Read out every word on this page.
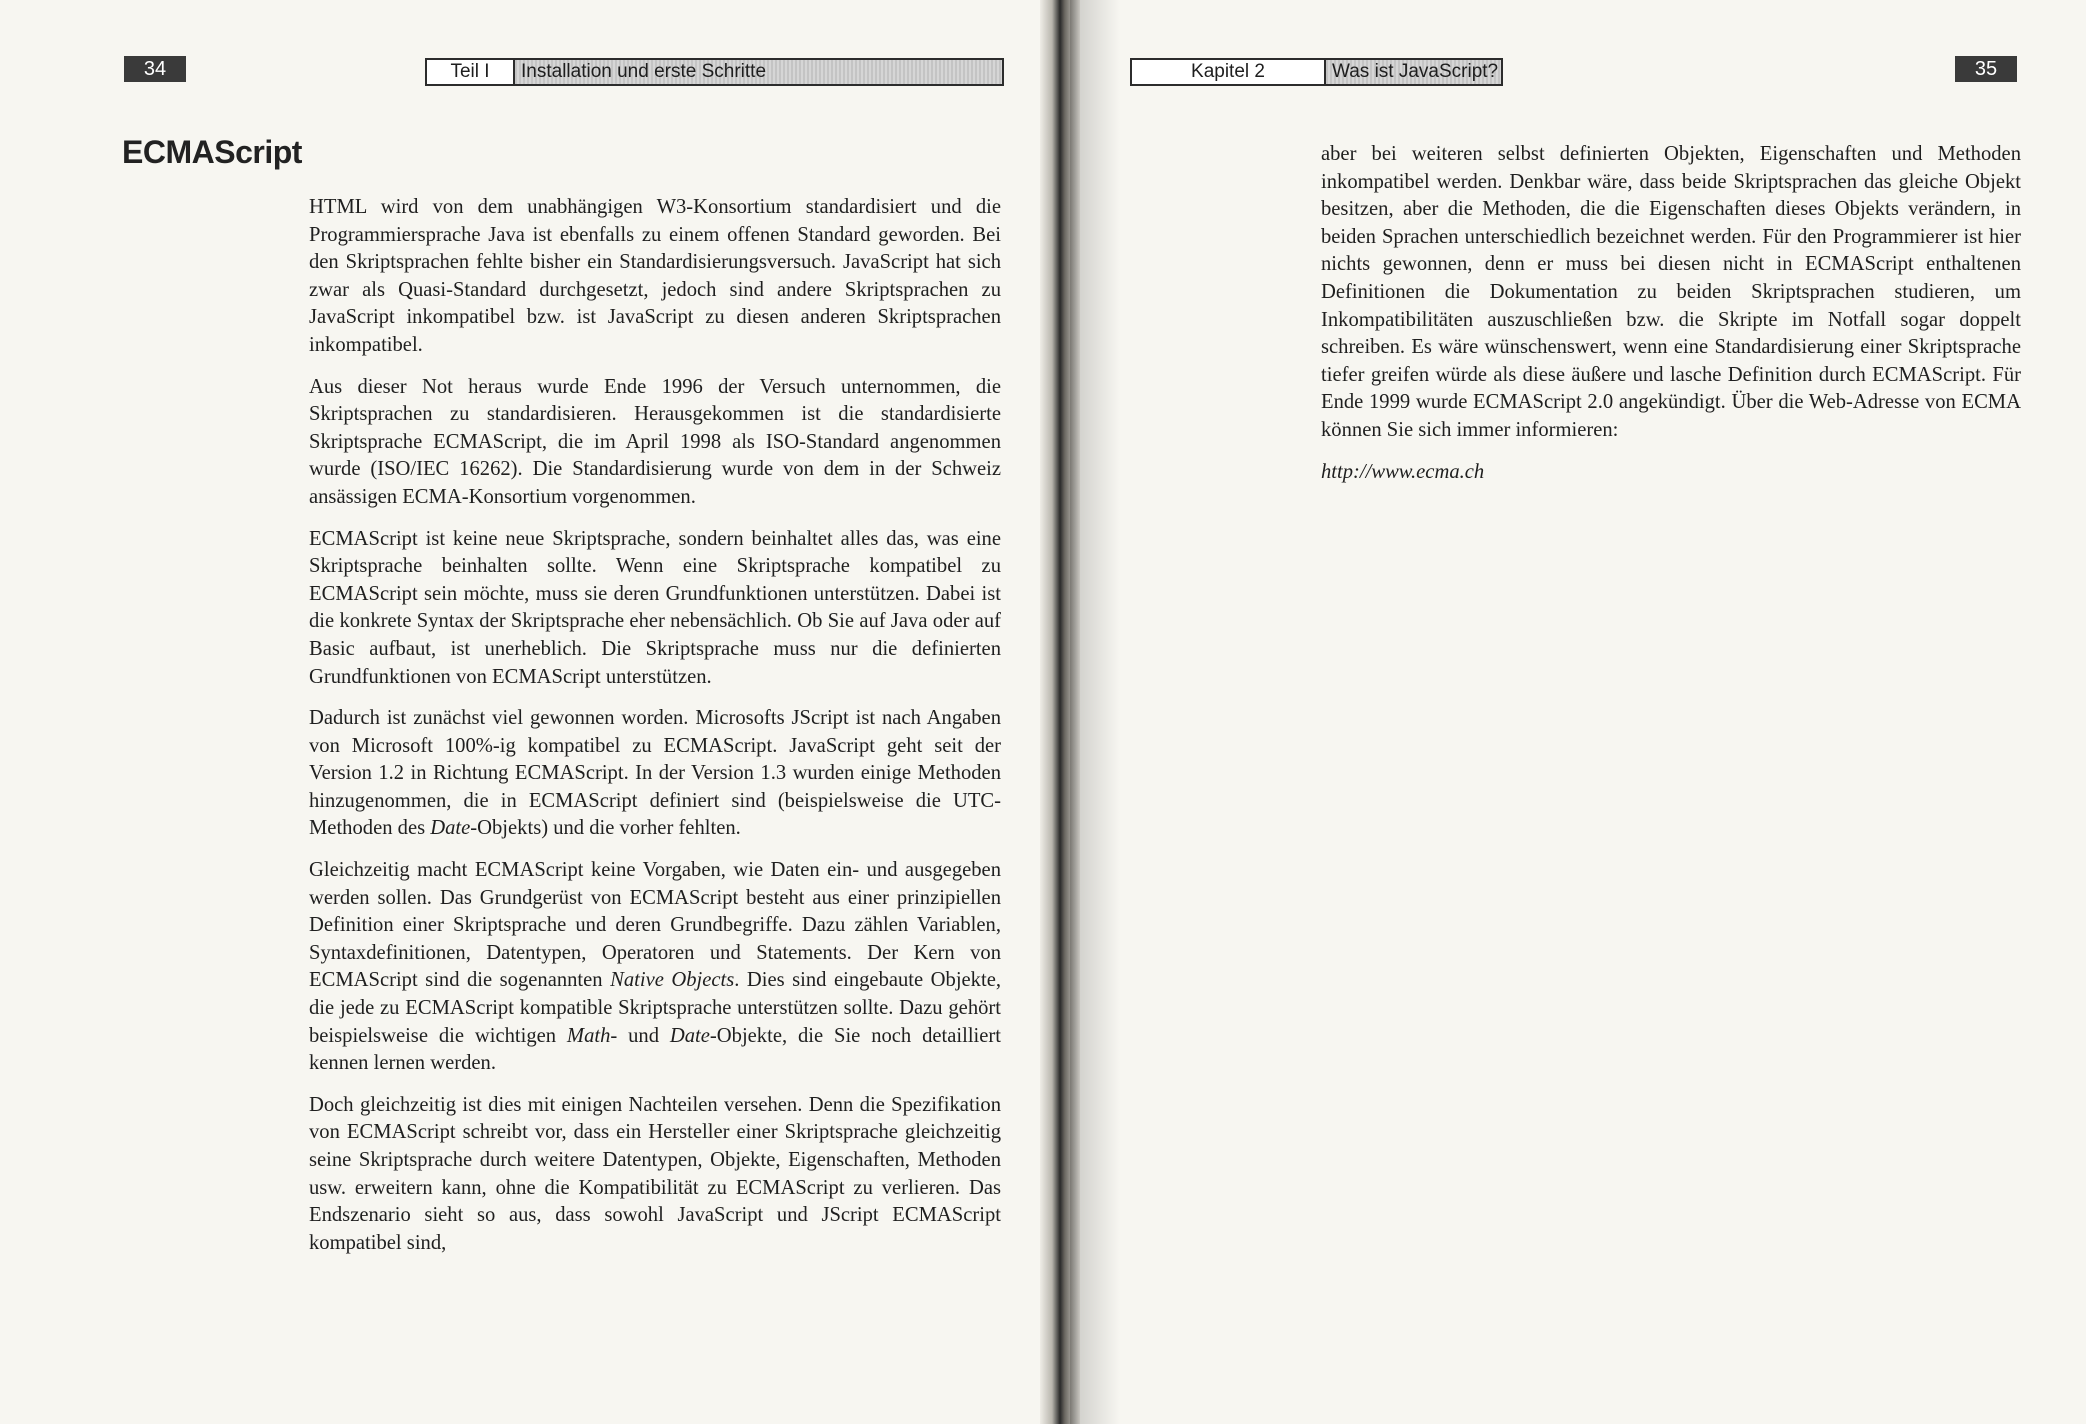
34	Teil I	Installation und erste Schritte
ECMAScript

HTML wird von dem unabhängigen W3-Konsortium standardisiert und die Programmiersprache Java ist ebenfalls zu einem offenen Standard geworden. Bei den Skriptsprachen fehlte bisher ein Standardisierungsversuch. JavaScript hat sich zwar als Quasi-Standard durchgesetzt, jedoch sind andere Skriptsprachen zu JavaScript inkompatibel bzw. ist JavaScript zu diesen anderen Skriptsprachen inkompatibel.

Aus dieser Not heraus wurde Ende 1996 der Versuch unternommen, die Skriptsprachen zu standardisieren. Herausgekommen ist die standardisierte Skriptsprache ECMAScript, die im April 1998 als ISO-Standard angenommen wurde (ISO/IEC 16262). Die Standardisierung wurde von dem in der Schweiz ansässigen ECMA-Konsortium vorgenommen.

ECMAScript ist keine neue Skriptsprache, sondern beinhaltet alles das, was eine Skriptsprache beinhalten sollte. Wenn eine Skriptsprache kompatibel zu ECMAScript sein möchte, muss sie deren Grundfunktionen unterstützen. Dabei ist die konkrete Syntax der Skriptsprache eher nebensächlich. Ob Sie auf Java oder auf Basic aufbaut, ist unerheblich. Die Skriptsprache muss nur die definierten Grundfunktionen von ECMAScript unterstützen.

Dadurch ist zunächst viel gewonnen worden. Microsofts JScript ist nach Angaben von Microsoft 100%-ig kompatibel zu ECMAScript. JavaScript geht seit der Version 1.2 in Richtung ECMAScript. In der Version 1.3 wurden einige Methoden hinzugenommen, die in ECMAScript definiert sind (beispielsweise die UTC-Methoden des Date-Objekts) und die vorher fehlten.

Gleichzeitig macht ECMAScript keine Vorgaben, wie Daten ein- und ausgegeben werden sollen. Das Grundgerüst von ECMAScript besteht aus einer prinzipiellen Definition einer Skriptsprache und deren Grundbegriffe. Dazu zählen Variablen, Syntaxdefinitionen, Datentypen, Operatoren und Statements. Der Kern von ECMAScript sind die sogenannten Native Objects. Dies sind eingebaute Objekte, die jede zu ECMAScript kompatible Skriptsprache unterstützen sollte. Dazu gehört beispielsweise die wichtigen Math- und Date-Objekte, die Sie noch detailliert kennen lernen werden.

Doch gleichzeitig ist dies mit einigen Nachteilen versehen. Denn die Spezifikation von ECMAScript schreibt vor, dass ein Hersteller einer Skriptsprache gleichzeitig seine Skriptsprache durch weitere Datentypen, Objekte, Eigenschaften, Methoden usw. erweitern kann, ohne die Kompatibilität zu ECMAScript zu verlieren. Das Endszenario sieht so aus, dass sowohl JavaScript und JScript ECMAScript kompatibel sind,

Kapitel 2	Was ist JavaScript?	35

aber bei weiteren selbst definierten Objekten, Eigenschaften und Methoden inkompatibel werden. Denkbar wäre, dass beide Skriptsprachen das gleiche Objekt besitzen, aber die Methoden, die die Eigenschaften dieses Objekts verändern, in beiden Sprachen unterschiedlich bezeichnet werden. Für den Programmierer ist hier nichts gewonnen, denn er muss bei diesen nicht in ECMAScript enthaltenen Definitionen die Dokumentation zu beiden Skriptsprachen studieren, um Inkompatibilitäten auszuschließen bzw. die Skripte im Notfall sogar doppelt schreiben. Es wäre wünschenswert, wenn eine Standardisierung einer Skriptsprache tiefer greifen würde als diese äußere und lasche Definition durch ECMAScript. Für Ende 1999 wurde ECMAScript 2.0 angekündigt. Über die Web-Adresse von ECMA können Sie sich immer informieren:

http://www.ecma.ch
